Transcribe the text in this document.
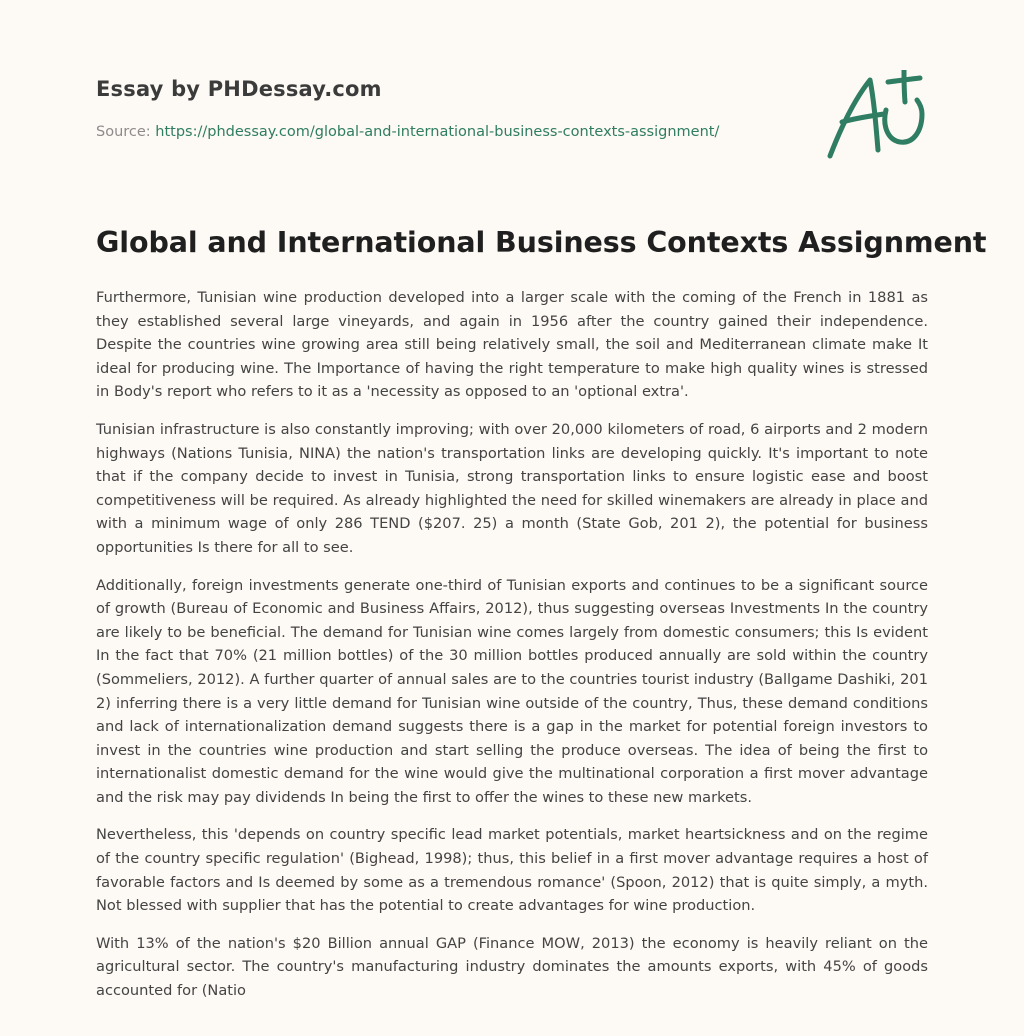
Essay by PHDessay.com
Source: https://phdessay.com/global-and-international-business-contexts-assignment/
Global and International Business Contexts Assignment

Furthermore, Tunisian wine production developed into a larger scale with the coming of the French in 1881 as they established several large vineyards, and again in 1956 after the country gained their independence. Despite the countries wine growing area still being relatively small, the soil and Mediterranean climate make It ideal for producing wine. The Importance of having the right temperature to make high quality wines is stressed in Body's report who refers to it as a 'necessity as opposed to an 'optional extra'.

Tunisian infrastructure is also constantly improving; with over 20,000 kilometers of road, 6 airports and 2 modern highways (Nations Tunisia, NINA) the nation's transportation links are developing quickly. It's important to note that if the company decide to invest in Tunisia, strong transportation links to ensure logistic ease and boost competitiveness will be required. As already highlighted the need for skilled winemakers are already in place and with a minimum wage of only 286 TEND ($207. 25) a month (State Gob, 201 2), the potential for business opportunities Is there for all to see.

Additionally, foreign investments generate one-third of Tunisian exports and continues to be a significant source of growth (Bureau of Economic and Business Affairs, 2012), thus suggesting overseas Investments In the country are likely to be beneficial. The demand for Tunisian wine comes largely from domestic consumers; this Is evident In the fact that 70% (21 million bottles) of the 30 million bottles produced annually are sold within the country (Sommeliers, 2012). A further quarter of annual sales are to the countries tourist industry (Ballgame Dashiki, 201 2) inferring there is a very little demand for Tunisian wine outside of the country, Thus, these demand conditions and lack of internationalization demand suggests there is a gap in the market for potential foreign investors to invest in the countries wine production and start selling the produce overseas. The idea of being the first to internationalist domestic demand for the wine would give the multinational corporation a first mover advantage and the risk may pay dividends In being the first to offer the wines to these new markets.

Nevertheless, this 'depends on country specific lead market potentials, market heartsickness and on the regime of the country specific regulation' (Bighead, 1998); thus, this belief in a first mover advantage requires a host of favorable factors and Is deemed by some as a tremendous romance' (Spoon, 2012) that is quite simply, a myth. Not blessed with supplier that has the potential to create advantages for wine production.

With 13% of the nation's $20 Billion annual GAP (Finance MOW, 2013) the economy is heavily reliant on the agricultural sector. The country's manufacturing industry dominates the amounts exports, with 45% of goods accounted for (Natio
